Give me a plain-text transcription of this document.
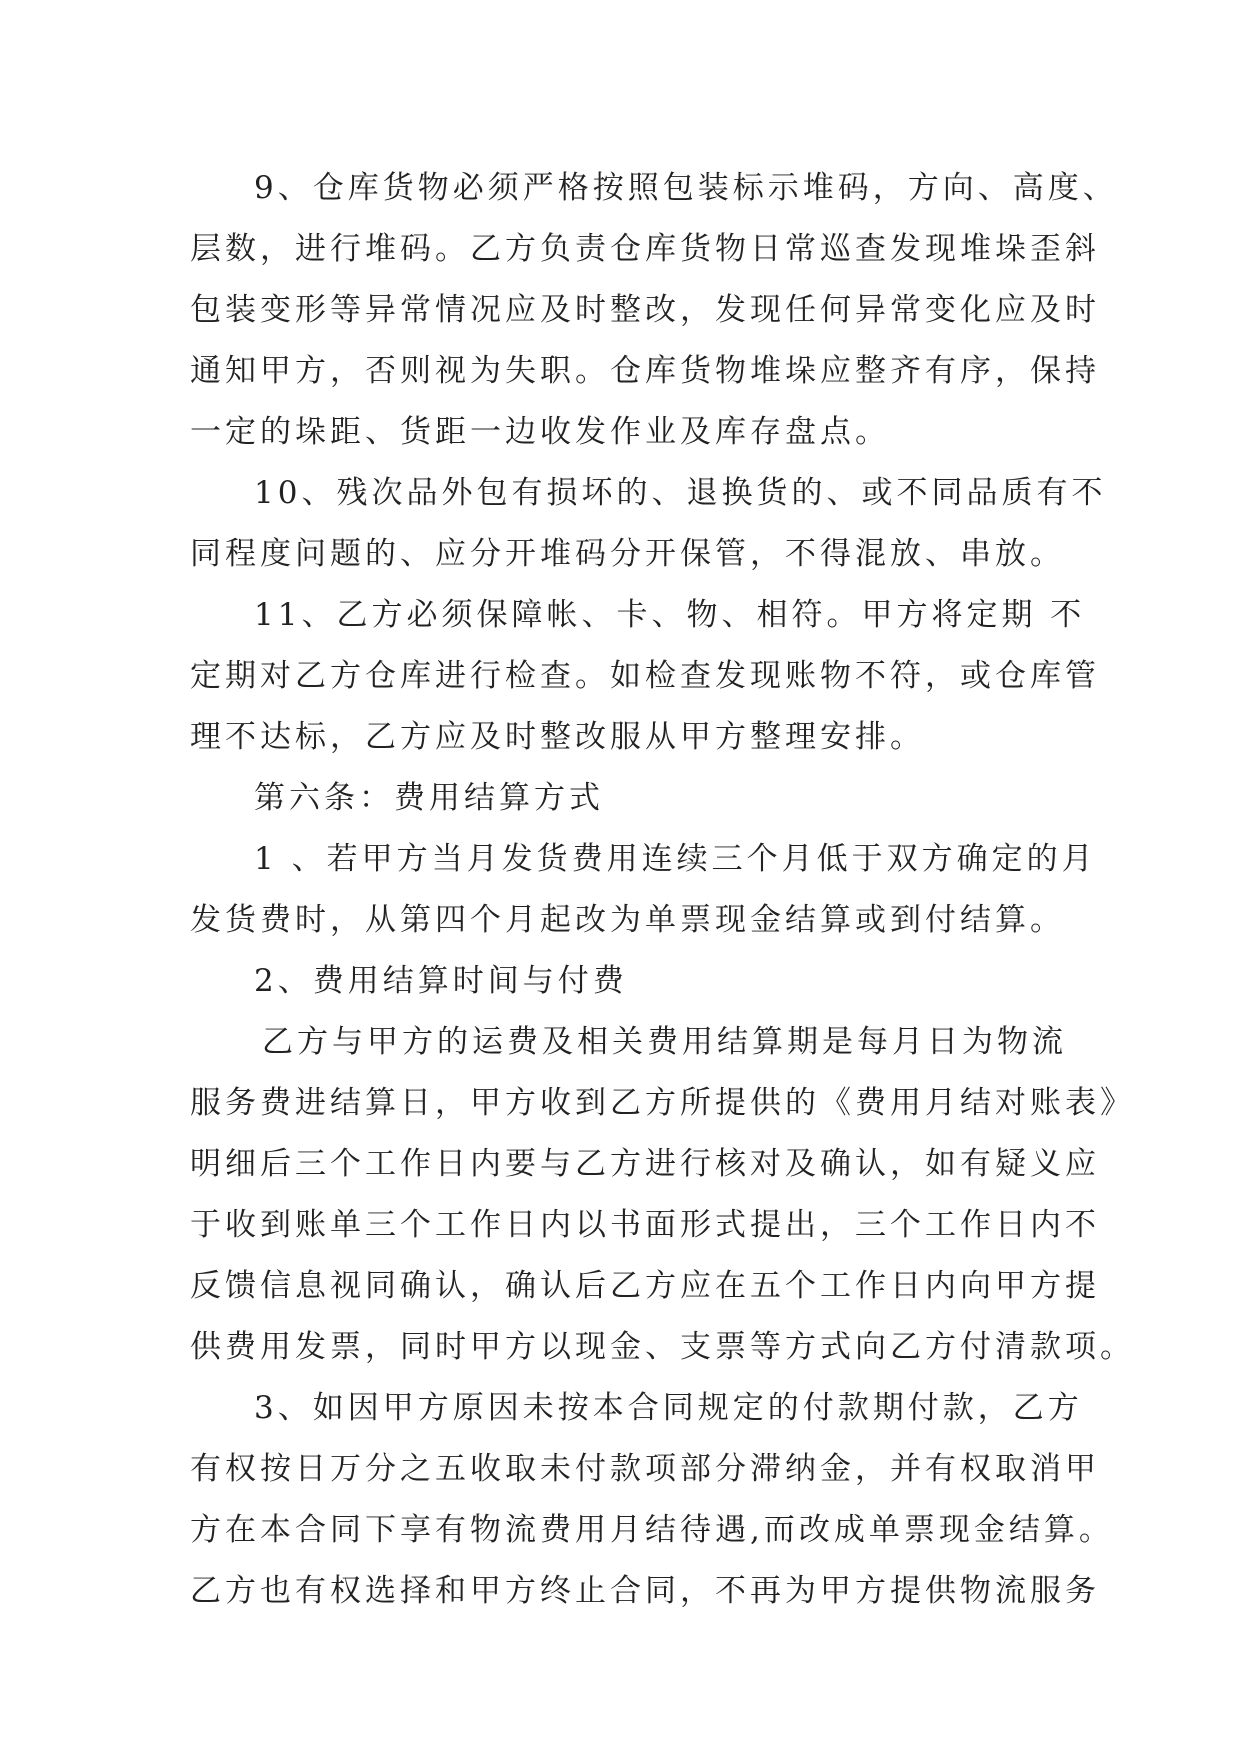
9、仓库货物必须严格按照包装标示堆码，方向、高度、
层数，进行堆码。乙方负责仓库货物日常巡查发现堆垛歪斜
包装变形等异常情况应及时整改，发现任何异常变化应及时
通知甲方，否则视为失职。仓库货物堆垛应整齐有序，保持
一定的垛距、货距一边收发作业及库存盘点。
10、残次品外包有损坏的、退换货的、或不同品质有不
同程度问题的、应分开堆码分开保管，不得混放、串放。
11、乙方必须保障帐、卡、物、相符。甲方将定期 不
定期对乙方仓库进行检查。如检查发现账物不符，或仓库管
理不达标，乙方应及时整改服从甲方整理安排。
第六条：费用结算方式
1 、若甲方当月发货费用连续三个月低于双方确定的月
发货费时，从第四个月起改为单票现金结算或到付结算。
2、费用结算时间与付费
乙方与甲方的运费及相关费用结算期是每月日为物流
服务费进结算日，甲方收到乙方所提供的《费用月结对账表》
明细后三个工作日内要与乙方进行核对及确认，如有疑义应
于收到账单三个工作日内以书面形式提出，三个工作日内不
反馈信息视同确认，确认后乙方应在五个工作日内向甲方提
供费用发票，同时甲方以现金、支票等方式向乙方付清款项。
3、如因甲方原因未按本合同规定的付款期付款，乙方
有权按日万分之五收取未付款项部分滞纳金，并有权取消甲
方在本合同下享有物流费用月结待遇,而改成单票现金结算。
乙方也有权选择和甲方终止合同，不再为甲方提供物流服务
